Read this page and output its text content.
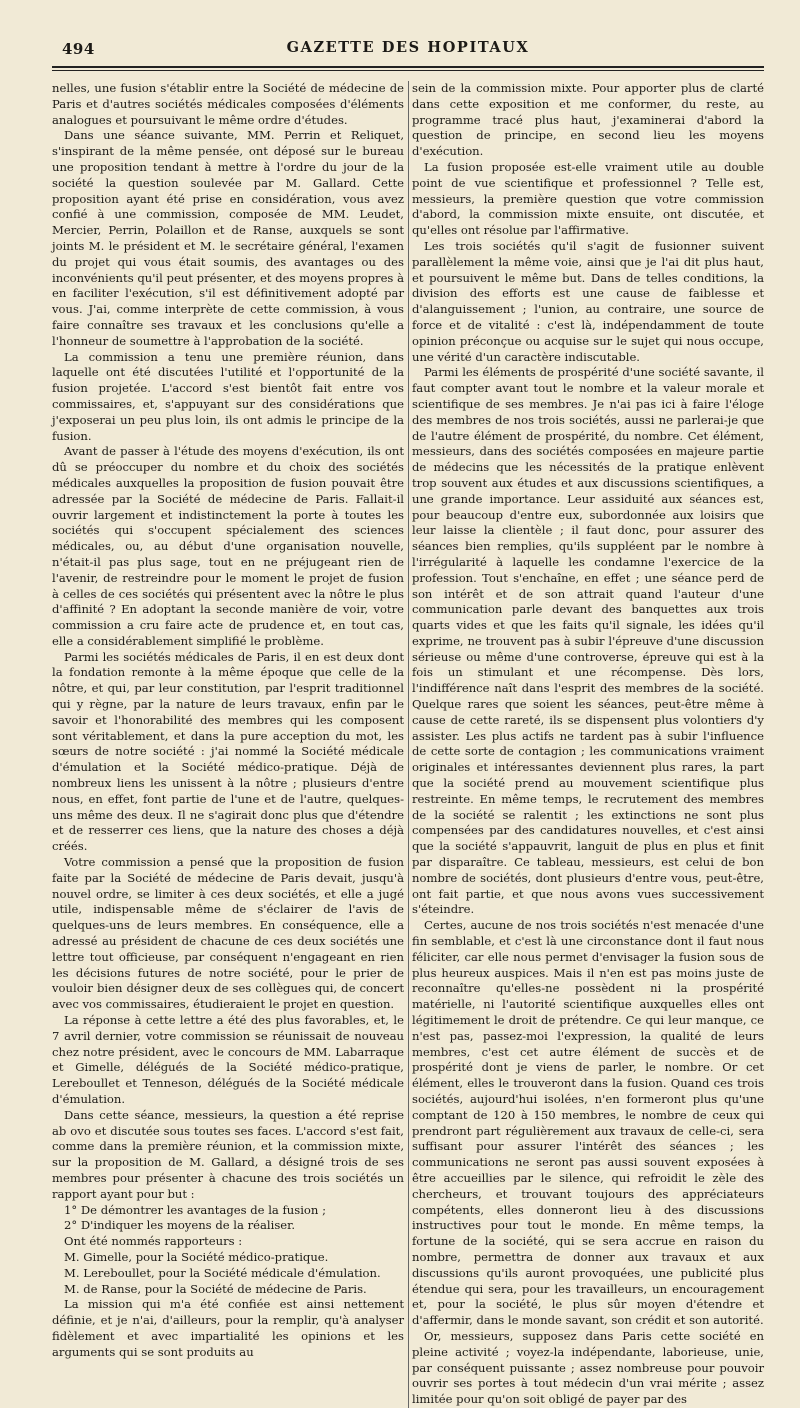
494	GAZETTE DES HOPITAUX

nelles, une fusion s'établir entre la Société de médecine de Paris et d'autres sociétés médicales composées d'éléments analogues et poursuivant le même ordre d'études.

Dans une séance suivante, MM. Perrin et Reliquet, s'inspirant de la même pensée, ont déposé sur le bureau une proposition tendant à mettre à l'ordre du jour de la société la question soulevée par M. Gallard. Cette proposition ayant été prise en considération, vous avez confié à une commission, composée de MM. Leudet, Mercier, Perrin, Polaillon et de Ranse, auxquels se sont joints M. le président et M. le secrétaire général, l'examen du projet qui vous était soumis, des avantages ou des inconvénients qu'il peut présenter, et des moyens propres à en faciliter l'exécution, s'il est définitivement adopté par vous. J'ai, comme interprète de cette commission, à vous faire connaître ses travaux et les conclusions qu'elle a l'honneur de soumettre à l'approbation de la société.

La commission a tenu une première réunion, dans laquelle ont été discutées l'utilité et l'opportunité de la fusion projetée. L'accord s'est bientôt fait entre vos commissaires, et, s'appuyant sur des considérations que j'exposerai un peu plus loin, ils ont admis le principe de la fusion.

Avant de passer à l'étude des moyens d'exécution, ils ont dû se préoccuper du nombre et du choix des sociétés médicales auxquelles la proposition de fusion pouvait être adressée par la Société de médecine de Paris. Fallait-il ouvrir largement et indistinctement la porte à toutes les sociétés qui s'occupent spécialement des sciences médicales, ou, au début d'une organisation nouvelle, n'était-il pas plus sage, tout en ne préjugeant rien de l'avenir, de restreindre pour le moment le projet de fusion à celles de ces sociétés qui présentent avec la nôtre le plus d'affinité ? En adoptant la seconde manière de voir, votre commission a cru faire acte de prudence et, en tout cas, elle a considérablement simplifié le problème.

Parmi les sociétés médicales de Paris, il en est deux dont la fondation remonte à la même époque que celle de la nôtre, et qui, par leur constitution, par l'esprit traditionnel qui y règne, par la nature de leurs travaux, enfin par le savoir et l'honorabilité des membres qui les composent sont véritablement, et dans la pure acception du mot, les sœurs de notre société : j'ai nommé la Société médicale d'émulation et la Société médico-pratique. Déjà de nombreux liens les unissent à la nôtre ; plusieurs d'entre nous, en effet, font partie de l'une et de l'autre, quelques-uns même des deux. Il ne s'agirait donc plus que d'étendre et de resserrer ces liens, que la nature des choses a déjà créés.

Votre commission a pensé que la proposition de fusion faite par la Société de médecine de Paris devait, jusqu'à nouvel ordre, se limiter à ces deux sociétés, et elle a jugé utile, indispensable même de s'éclairer de l'avis de quelques-uns de leurs membres. En conséquence, elle a adressé au président de chacune de ces deux sociétés une lettre tout officieuse, par conséquent n'engageant en rien les décisions futures de notre société, pour le prier de vouloir bien désigner deux de ses collègues qui, de concert avec vos commissaires, étudieraient le projet en question.

La réponse à cette lettre a été des plus favorables, et, le 7 avril dernier, votre commission se réunissait de nouveau chez notre président, avec le concours de MM. Labarraque et Gimelle, délégués de la Société médico-pratique, Lereboullet et Tenneson, délégués de la Société médicale d'émulation.

Dans cette séance, messieurs, la question a été reprise ab ovo et discutée sous toutes ses faces. L'accord s'est fait, comme dans la première réunion, et la commission mixte, sur la proposition de M. Gallard, a désigné trois de ses membres pour présenter à chacune des trois sociétés un rapport ayant pour but :

1° De démontrer les avantages de la fusion ;

2° D'indiquer les moyens de la réaliser.

Ont été nommés rapporteurs :

M. Gimelle, pour la Société médico-pratique.

M. Lereboullet, pour la Société médicale d'émulation.

M. de Ranse, pour la Société de médecine de Paris.

La mission qui m'a été confiée est ainsi nettement définie, et je n'ai, d'ailleurs, pour la remplir, qu'à analyser fidèlement et avec impartialité les opinions et les arguments qui se sont produits au

sein de la commission mixte. Pour apporter plus de clarté dans cette exposition et me conformer, du reste, au programme tracé plus haut, j'examinerai d'abord la question de principe, en second lieu les moyens d'exécution.

La fusion proposée est-elle vraiment utile au double point de vue scientifique et professionnel ? Telle est, messieurs, la première question que votre commission d'abord, la commission mixte ensuite, ont discutée, et qu'elles ont résolue par l'affirmative.

Les trois sociétés qu'il s'agit de fusionner suivent parallèlement la même voie, ainsi que je l'ai dit plus haut, et poursuivent le même but. Dans de telles conditions, la division des efforts est une cause de faiblesse et d'alanguissement ; l'union, au contraire, une source de force et de vitalité : c'est là, indépendamment de toute opinion préconçue ou acquise sur le sujet qui nous occupe, une vérité d'un caractère indiscutable.

Parmi les éléments de prospérité d'une société savante, il faut compter avant tout le nombre et la valeur morale et scientifique de ses membres. Je n'ai pas ici à faire l'éloge des membres de nos trois sociétés, aussi ne parlerai-je que de l'autre élément de prospérité, du nombre. Cet élément, messieurs, dans des sociétés composées en majeure partie de médecins que les nécessités de la pratique enlèvent trop souvent aux études et aux discussions scientifiques, a une grande importance. Leur assiduité aux séances est, pour beaucoup d'entre eux, subordonnée aux loisirs que leur laisse la clientèle ; il faut donc, pour assurer des séances bien remplies, qu'ils suppléent par le nombre à l'irrégularité à laquelle les condamne l'exercice de la profession. Tout s'enchaîne, en effet ; une séance perd de son intérêt et de son attrait quand l'auteur d'une communication parle devant des banquettes aux trois quarts vides et que les faits qu'il signale, les idées qu'il exprime, ne trouvent pas à subir l'épreuve d'une discussion sérieuse ou même d'une controverse, épreuve qui est à la fois un stimulant et une récompense. Dès lors, l'indifférence naît dans l'esprit des membres de la société. Quelque rares que soient les séances, peut-être même à cause de cette rareté, ils se dispensent plus volontiers d'y assister. Les plus actifs ne tardent pas à subir l'influence de cette sorte de contagion ; les communications vraiment originales et intéressantes deviennent plus rares, la part que la société prend au mouvement scientifique plus restreinte. En même temps, le recrutement des membres de la société se ralentit ; les extinctions ne sont plus compensées par des candidatures nouvelles, et c'est ainsi que la société s'appauvrit, languit de plus en plus et finit par disparaître. Ce tableau, messieurs, est celui de bon nombre de sociétés, dont plusieurs d'entre vous, peut-être, ont fait partie, et que nous avons vues successivement s'éteindre.

Certes, aucune de nos trois sociétés n'est menacée d'une fin semblable, et c'est là une circonstance dont il faut nous féliciter, car elle nous permet d'envisager la fusion sous de plus heureux auspices. Mais il n'en est pas moins juste de reconnaître qu'elles-ne possèdent ni la prospérité matérielle, ni l'autorité scientifique auxquelles elles ont légitimement le droit de prétendre. Ce qui leur manque, ce n'est pas, passez-moi l'expression, la qualité de leurs membres, c'est cet autre élément de succès et de prospérité dont je viens de parler, le nombre. Or cet élément, elles le trouveront dans la fusion. Quand ces trois sociétés, aujourd'hui isolées, n'en formeront plus qu'une comptant de 120 à 150 membres, le nombre de ceux qui prendront part régulièrement aux travaux de celle-ci, sera suffisant pour assurer l'intérêt des séances ; les communications ne seront pas aussi souvent exposées à être accueillies par le silence, qui refroidit le zèle des chercheurs, et trouvant toujours des appréciateurs compétents, elles donneront lieu à des discussions instructives pour tout le monde. En même temps, la fortune de la société, qui se sera accrue en raison du nombre, permettra de donner aux travaux et aux discussions qu'ils auront provoquées, une publicité plus étendue qui sera, pour les travailleurs, un encouragement et, pour la société, le plus sûr moyen d'étendre et d'affermir, dans le monde savant, son crédit et son autorité.

Or, messieurs, supposez dans Paris cette société en pleine activité ; voyez-la indépendante, laborieuse, unie, par conséquent puissante ; assez nombreuse pour pouvoir ouvrir ses portes à tout médecin d'un vrai mérite ; assez limitée pour qu'on soit obligé de payer par des
